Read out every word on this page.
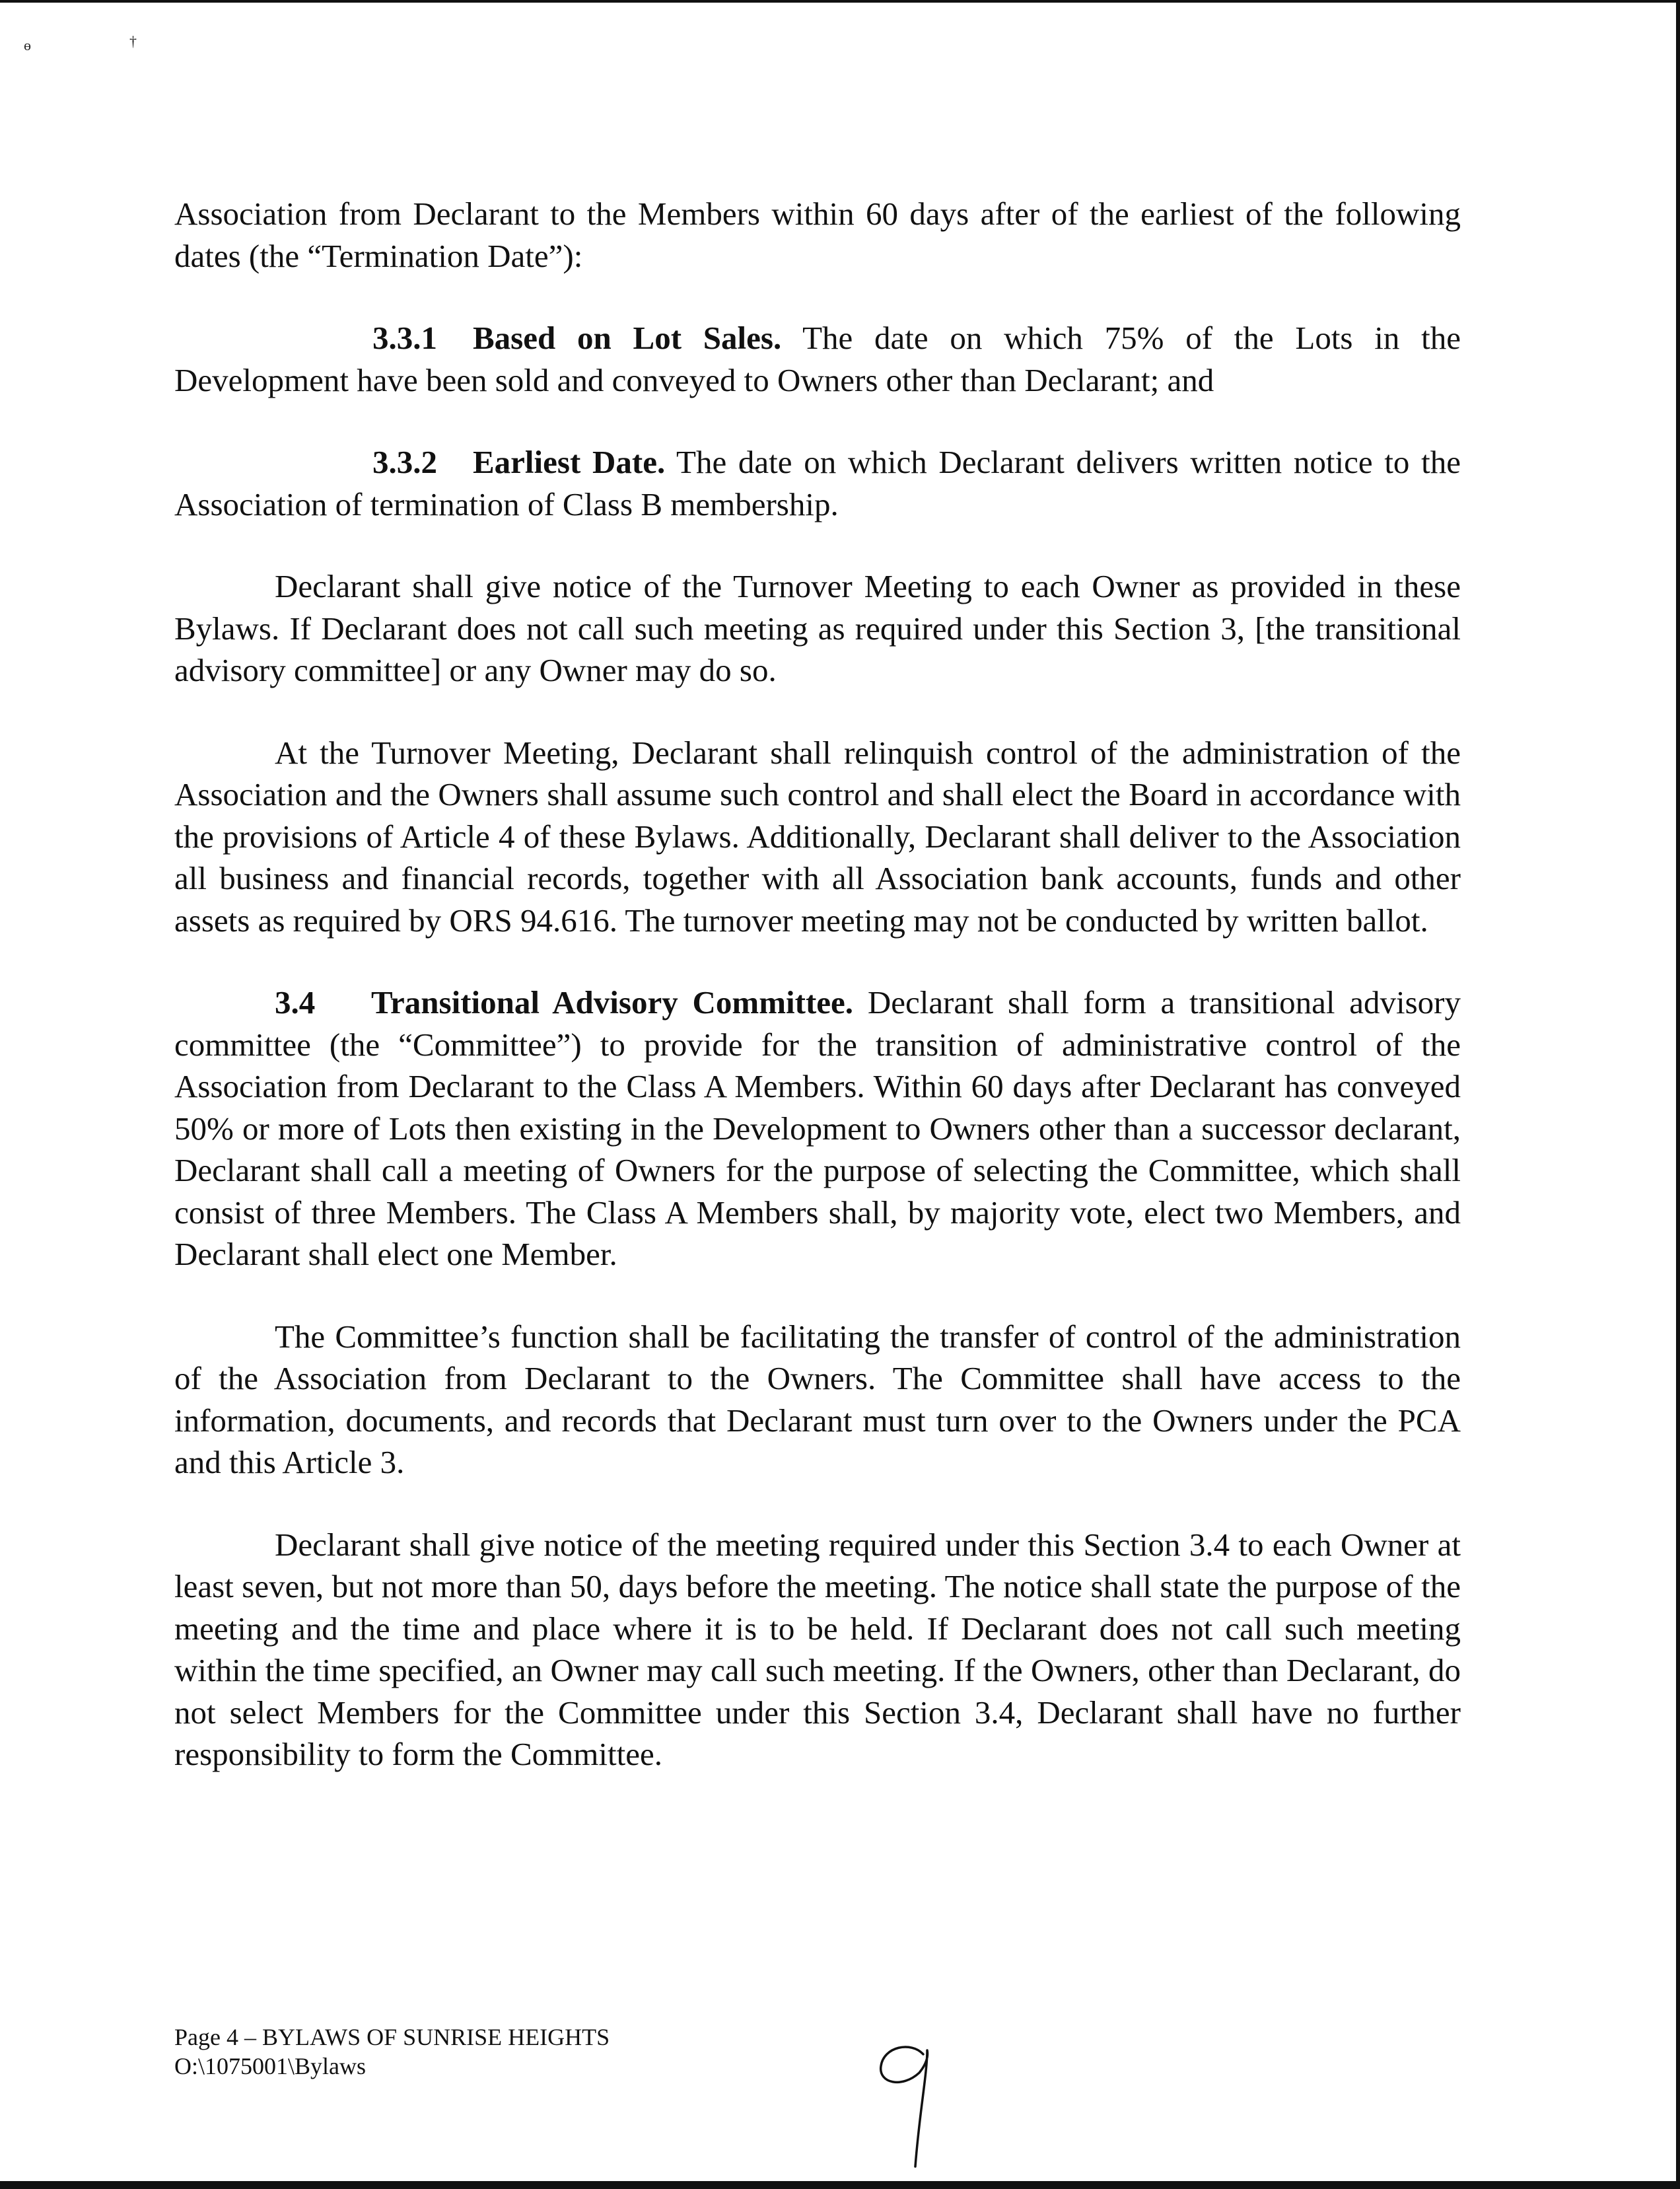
ɵ	†

Association from Declarant to the Members within 60 days after of the earliest of the following dates (the “Termination Date”):

3.3.1 Based on Lot Sales. The date on which 75% of the Lots in the Development have been sold and conveyed to Owners other than Declarant; and

3.3.2 Earliest Date. The date on which Declarant delivers written notice to the Association of termination of Class B membership.

Declarant shall give notice of the Turnover Meeting to each Owner as provided in these Bylaws. If Declarant does not call such meeting as required under this Section 3, [the transitional advisory committee] or any Owner may do so.

At the Turnover Meeting, Declarant shall relinquish control of the administration of the Association and the Owners shall assume such control and shall elect the Board in accordance with the provisions of Article 4 of these Bylaws. Additionally, Declarant shall deliver to the Association all business and financial records, together with all Association bank accounts, funds and other assets as required by ORS 94.616. The turnover meeting may not be conducted by written ballot.

3.4 Transitional Advisory Committee. Declarant shall form a transitional advisory committee (the “Committee”) to provide for the transition of administrative control of the Association from Declarant to the Class A Members. Within 60 days after Declarant has conveyed 50% or more of Lots then existing in the Development to Owners other than a successor declarant, Declarant shall call a meeting of Owners for the purpose of selecting the Committee, which shall consist of three Members. The Class A Members shall, by majority vote, elect two Members, and Declarant shall elect one Member.

The Committee’s function shall be facilitating the transfer of control of the administration of the Association from Declarant to the Owners. The Committee shall have access to the information, documents, and records that Declarant must turn over to the Owners under the PCA and this Article 3.

Declarant shall give notice of the meeting required under this Section 3.4 to each Owner at least seven, but not more than 50, days before the meeting. The notice shall state the purpose of the meeting and the time and place where it is to be held. If Declarant does not call such meeting within the time specified, an Owner may call such meeting. If the Owners, other than Declarant, do not select Members for the Committee under this Section 3.4, Declarant shall have no further responsibility to form the Committee.

Page 4 – BYLAWS OF SUNRISE HEIGHTS
O:\1075001\Bylaws
